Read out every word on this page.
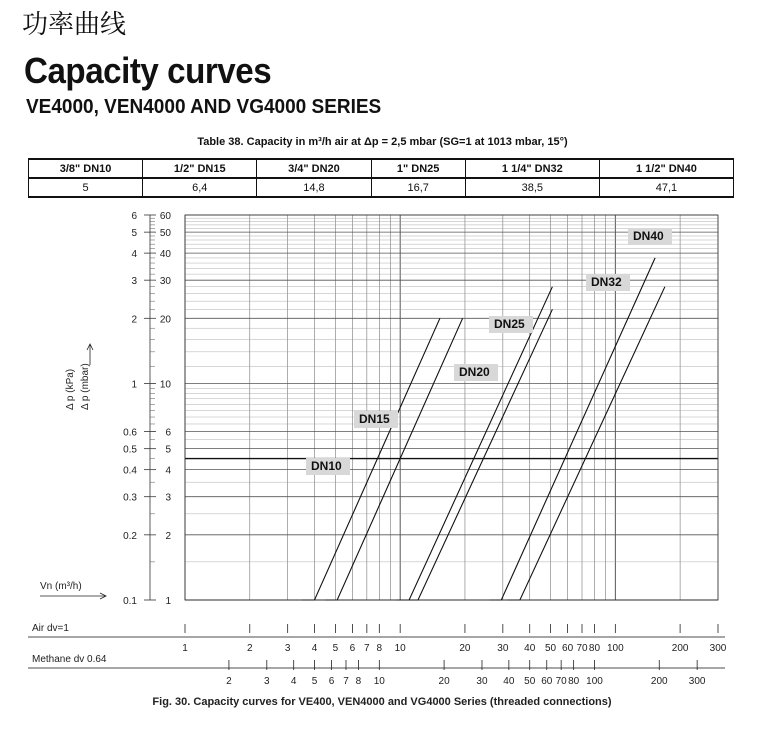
功率曲线
Capacity curves
VE4000, VEN4000 AND VG4000 SERIES
Table 38. Capacity in m³/h air at Δp = 2,5 mbar (SG=1 at 1013 mbar, 15°)
3/8" DN10	1/2" DN15	3/4" DN20	1" DN25	1 1/4" DN32	1 1/2" DN40
5	6,4	14,8	16,7	38,5	47,1
1
2
3
4
5
6
10
20
30
40
50
60
0.1
0.2
0.3
0.4
0.5
0.6
1
2
3
4
5
6
Δ p (kPa) Δ p (mbar)
Vn (m³/h)
DN10
DN15
DN20
DN25
DN32
DN40
Air dv=1
1	2	3 4 5 6 7 8 10	20	30 40 50 60 70 80 100	200 300
Methane dv 0.64
2	3 4 5 6 7 8 10	20	30 40 50 60 70 80 100	200 300
Fig. 30. Capacity curves for VE400, VEN4000 and VG4000 Series (threaded connections)
